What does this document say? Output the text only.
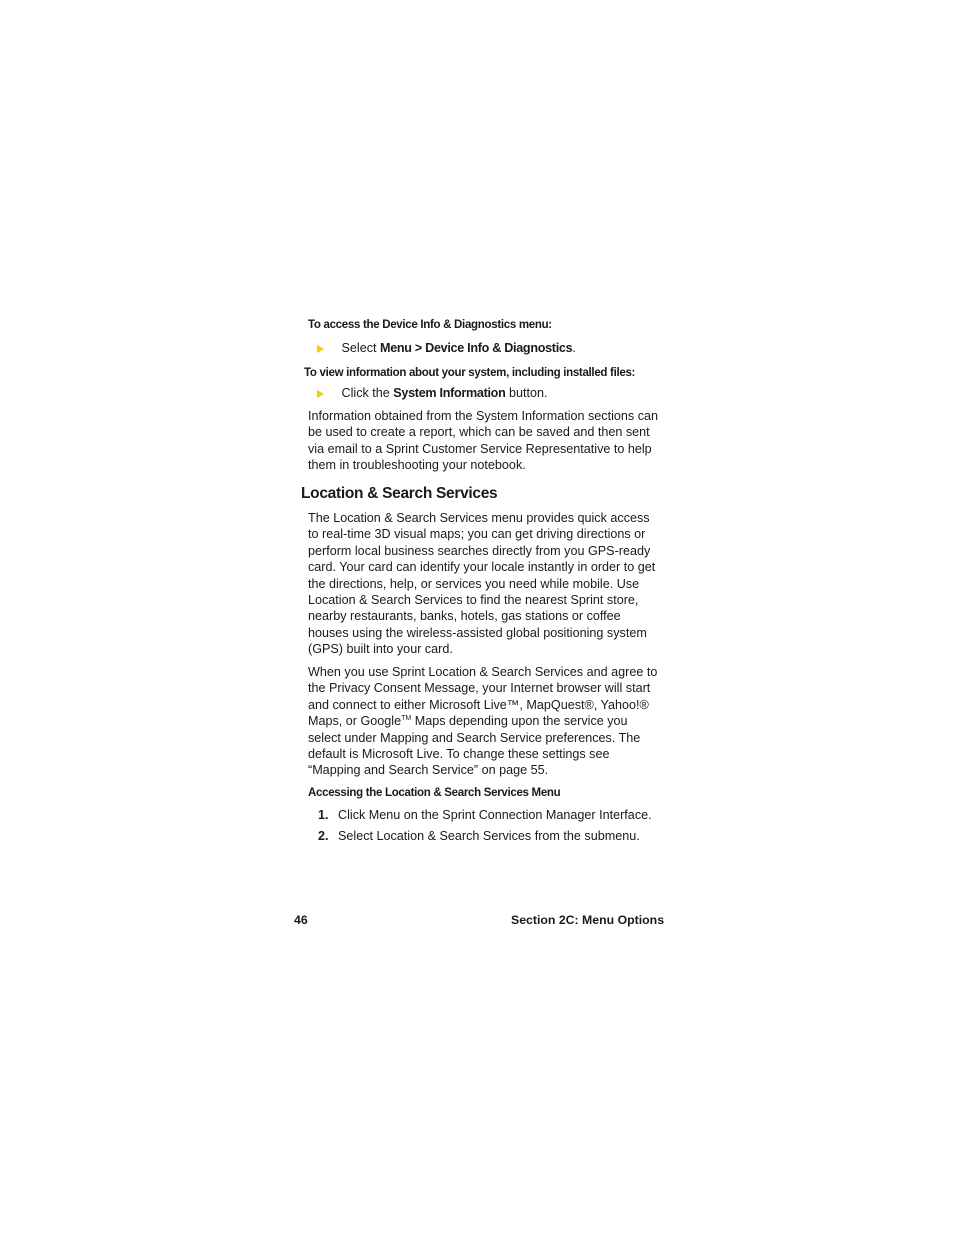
To access the Device Info & Diagnostics menu:
Select Menu > Device Info & Diagnostics.
To view information about your system, including installed files:
Click the System Information button.

Information obtained from the System Information sections can be used to create a report, which can be saved and then sent via email to a Sprint Customer Service Representative to help them in troubleshooting your notebook.

Location & Search Services

The Location & Search Services menu provides quick access to real-time 3D visual maps; you can get driving directions or perform local business searches directly from you GPS-ready card. Your card can identify your locale instantly in order to get the directions, help, or services you need while mobile. Use Location & Search Services to find the nearest Sprint store, nearby restaurants, banks, hotels, gas stations or coffee houses using the wireless-assisted global positioning system (GPS) built into your card.

When you use Sprint Location & Search Services and agree to the Privacy Consent Message, your Internet browser will start and connect to either Microsoft Live™, MapQuest®, Yahoo!® Maps, or Google™ Maps depending upon the service you select under Mapping and Search Service preferences. The default is Microsoft Live. To change these settings see “Mapping and Search Service” on page 55.

Accessing the Location & Search Services Menu
1. Click Menu on the Sprint Connection Manager Interface.
2. Select Location & Search Services from the submenu.
46	Section 2C: Menu Options
